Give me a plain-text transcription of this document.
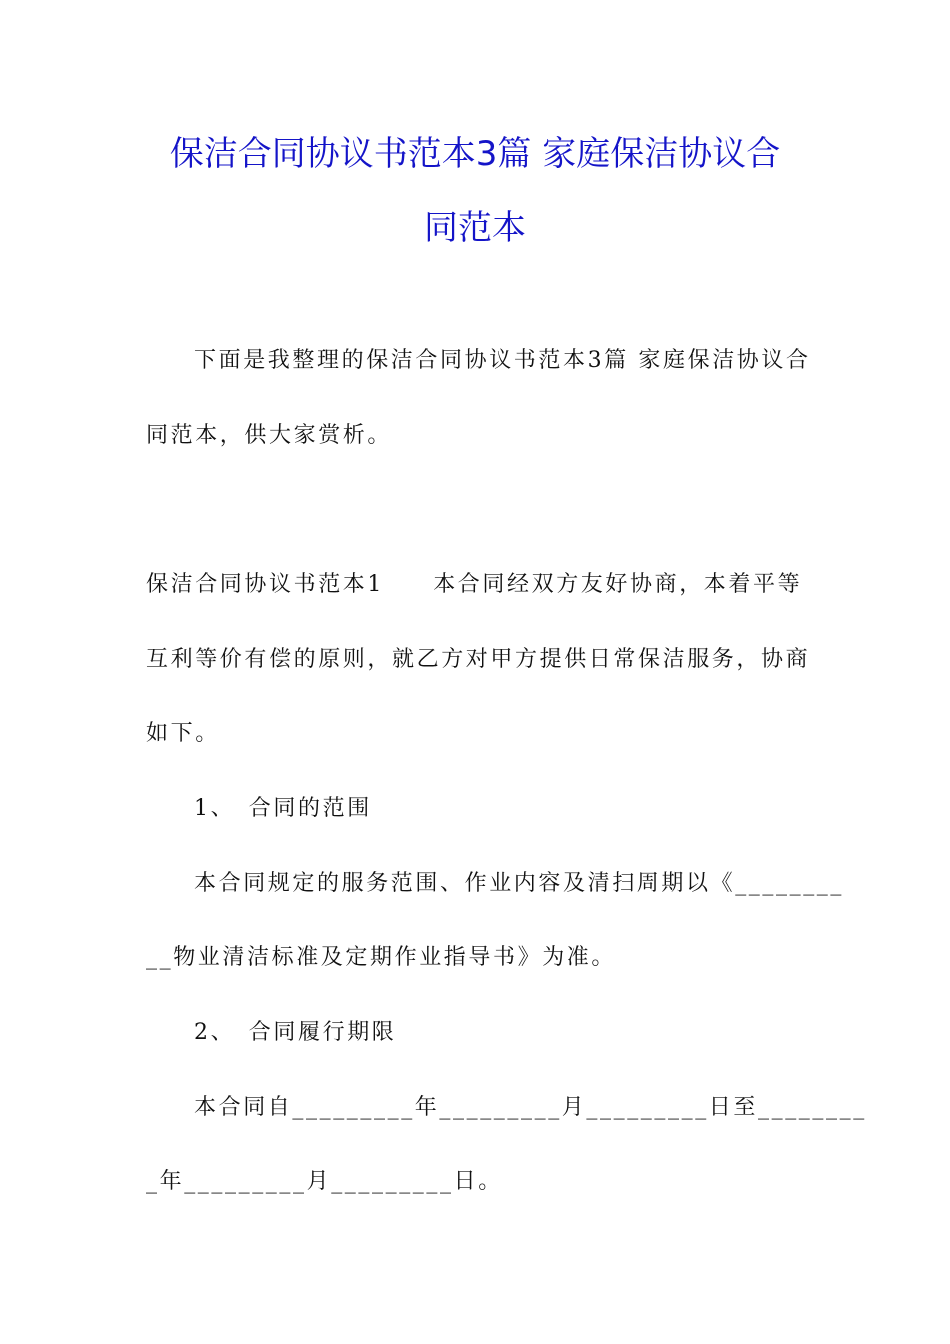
保洁合同协议书范本3篇 家庭保洁协议合
同范本
下面是我整理的保洁合同协议书范本3篇 家庭保洁协议合
同范本，供大家赏析。
保洁合同协议书范本1　　本合同经双方友好协商，本着平等
互利等价有偿的原则，就乙方对甲方提供日常保洁服务，协商
如下。
1、　合同的范围
本合同规定的服务范围、作业内容及清扫周期以《________
__物业清洁标准及定期作业指导书》为准。
2、　合同履行期限
本合同自_________年_________月_________日至________
_年_________月_________日。
